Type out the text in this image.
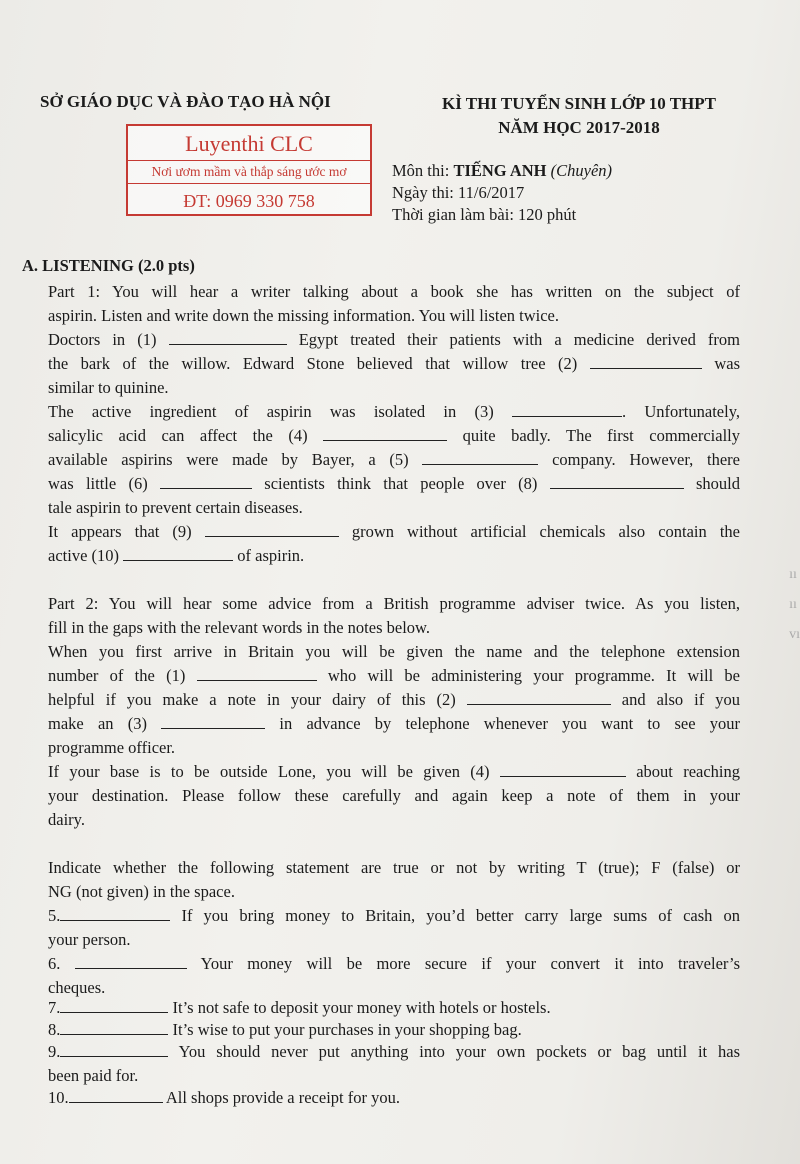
SỞ GIÁO DỤC VÀ ĐÀO TẠO HÀ NỘI	KÌ THI TUYỂN SINH LỚP 10 THPT
NĂM HỌC 2017-2018
Luyenthi CLC
Nơi ươm mầm và thắp sáng ước mơ
ĐT: 0969 330 758
Môn thi: TIẾNG ANH (Chuyên)
Ngày thi: 11/6/2017
Thời gian làm bài: 120 phút
A. LISTENING (2.0 pts)
Part 1: You will hear a writer talking about a book she has written on the subject of
aspirin. Listen and write down the missing information. You will listen twice.
Doctors in (1)	Egypt treated their patients with a medicine derived from
the bark of the willow. Edward Stone believed that willow tree (2)	was
similar to quinine.
The active ingredient of aspirin was isolated in (3)	. Unfortunately,
salicylic acid can affect the (4)	quite badly. The first commercially
available aspirins were made by Bayer, a (5)	company. However, there
was little (6)	scientists think that people over (8)	should
tale aspirin to prevent certain diseases.
It appears that (9)	grown without artificial chemicals also contain the
active (10)	of aspirin.
Part 2: You will hear some advice from a British programme adviser twice. As you listen,
fill in the gaps with the relevant words in the notes below.
When you first arrive in Britain you will be given the name and the telephone extension
number of the (1)	who will be administering your programme. It will be
helpful if you make a note in your dairy of this (2)	and also if you
make an (3)	in advance by telephone whenever you want to see your
programme officer.
If your base is to be outside Lone, you will be given (4)	about reaching
your destination. Please follow these carefully and again keep a note of them in your
dairy.
Indicate whether the following statement are true or not by writing T (true); F (false) or
NG (not given) in the space.
5.	If you bring money to Britain, you’d better carry large sums of cash on
your person.
6.	Your money will be more secure if your convert it into traveler’s
cheques.
7.	It’s not safe to deposit your money with hotels or hostels.
8.	It’s wise to put your purchases in your shopping bag.
9.	You should never put anything into your own pockets or bag until it has
been paid for.
10.	All shops provide a receipt for you.
ıı
ıı
vı
